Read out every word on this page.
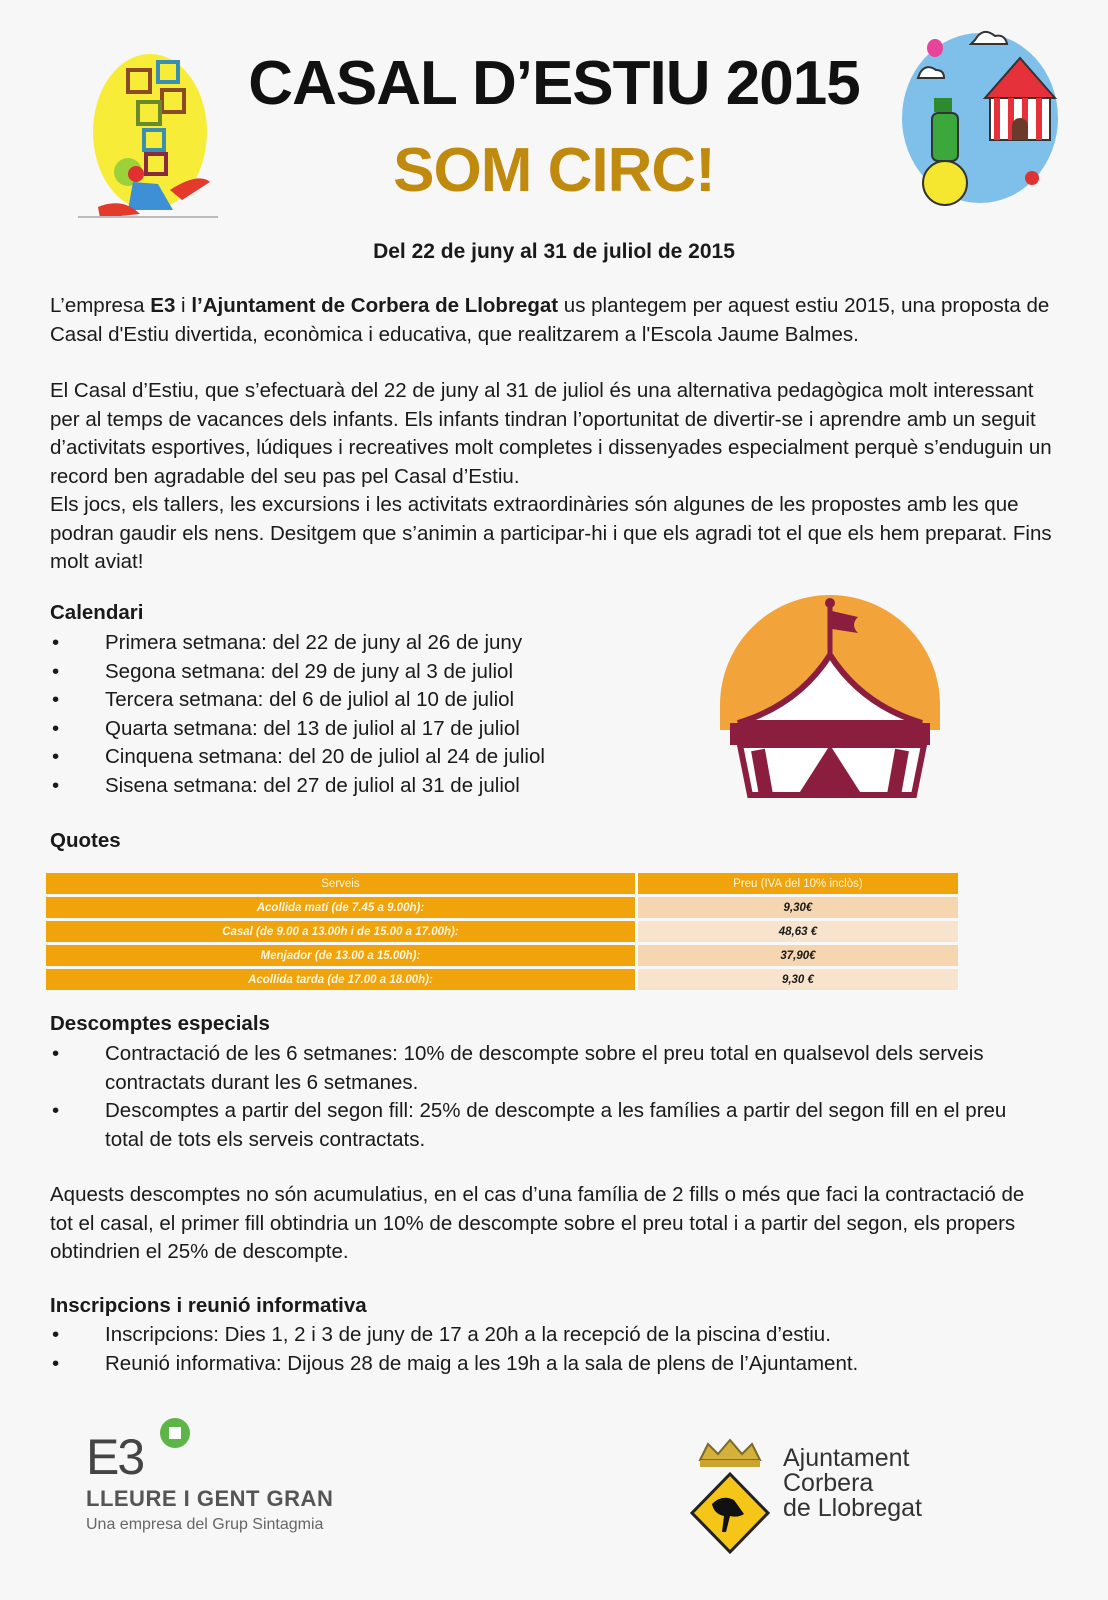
CASAL D’ESTIU 2015
SOM CIRC!
Del 22 de juny al 31 de juliol de 2015
L’empresa E3 i l’Ajuntament de Corbera de Llobregat us plantegem per aquest estiu 2015, una proposta de Casal d'Estiu divertida, econòmica i educativa, que realitzarem a l'Escola Jaume Balmes.
El Casal d’Estiu, que s’efectuarà del 22 de juny al 31 de juliol és una alternativa pedagògica molt interessant per al temps de vacances dels infants. Els infants tindran l’oportunitat de divertir-se i aprendre amb un seguit d’activitats esportives, lúdiques i recreatives molt completes i dissenyades especialment perquè s’enduguin un record ben agradable del seu pas pel Casal d’Estiu.
Els jocs, els tallers, les excursions i les activitats extraordinàries són algunes de les propostes amb les que podran gaudir els nens. Desitgem que s’animin a participar-hi i que els agradi tot el que els hem preparat. Fins molt aviat!
Calendari
• Primera setmana: del 22 de juny al 26 de juny
• Segona setmana: del 29 de juny al 3 de juliol
• Tercera setmana: del 6 de juliol al 10 de juliol
• Quarta setmana: del 13 de juliol al 17 de juliol
• Cinquena setmana: del 20 de juliol al 24 de juliol
• Sisena setmana: del 27 de juliol al 31 de juliol
Quotes
Serveis	Preu (IVA del 10% inclòs)
Acollida matí (de 7.45 a 9.00h):	9,30€
Casal (de 9.00 a 13.00h i de 15.00 a 17.00h):	48,63 €
Menjador (de 13.00 a 15.00h):	37,90€
Acollida tarda (de 17.00 a 18.00h):	9,30 €
Descomptes especials
• Contractació de les 6 setmanes: 10% de descompte sobre el preu total en qualsevol dels serveis contractats durant les 6 setmanes.
• Descomptes a partir del segon fill: 25% de descompte a les famílies a partir del segon fill en el preu total de tots els serveis contractats.
Aquests descomptes no són acumulatius, en el cas d’una família de 2 fills o més que faci la contractació de tot el casal, el primer fill obtindria un 10% de descompte sobre el preu total i a partir del segon, els propers obtindrien el 25% de descompte.
Inscripcions i reunió informativa
• Inscripcions: Dies 1, 2 i 3 de juny de 17 a 20h a la recepció de la piscina d’estiu.
• Reunió informativa: Dijous 28 de maig a les 19h a la sala de plens de l’Ajuntament.
E3
LLEURE I GENT GRAN
Una empresa del Grup Sintagmia
Ajuntament
Corbera
de Llobregat
